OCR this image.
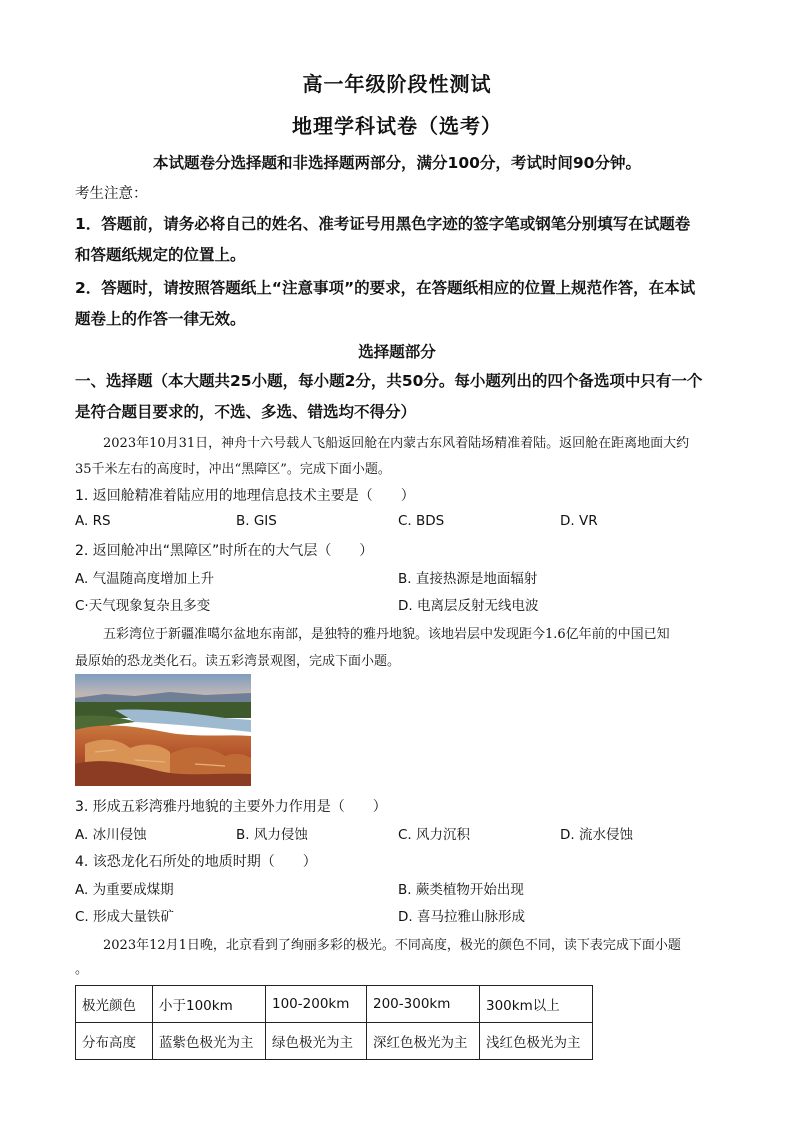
高一年级阶段性测试
地理学科试卷（选考）
本试题卷分选择题和非选择题两部分，满分100分，考试时间90分钟。
考生注意：
1．答题前，请务必将自己的姓名、准考证号用黑色字迹的签字笔或钢笔分别填写在试题卷
和答题纸规定的位置上。
2．答题时，请按照答题纸上“注意事项”的要求，在答题纸相应的位置上规范作答，在本试
题卷上的作答一律无效。
选择题部分
一、选择题（本大题共25小题，每小题2分，共50分。每小题列出的四个备选项中只有一个
是符合题目要求的，不选、多选、错选均不得分）
2023年10月31日，神舟十六号载人飞船返回舱在内蒙古东风着陆场精准着陆。返回舱在距离地面大约
35千米左右的高度时，冲出“黑障区”。完成下面小题。
1. 返回舱精准着陆应用的地理信息技术主要是（　　）
A. RS	B. GIS	C. BDS	D. VR
2. 返回舱冲出“黑障区”时所在的大气层（　　）
A. 气温随高度增加上升	B. 直接热源是地面辐射
C·天气现象复杂且多变	D. 电离层反射无线电波
五彩湾位于新疆准噶尔盆地东南部，是独特的雅丹地貌。该地岩层中发现距今1.6亿年前的中国已知
最原始的恐龙类化石。读五彩湾景观图，完成下面小题。
3. 形成五彩湾雅丹地貌的主要外力作用是（　　）
A. 冰川侵蚀	B. 风力侵蚀	C. 风力沉积	D. 流水侵蚀
4. 该恐龙化石所处的地质时期（　　）
A. 为重要成煤期	B. 蕨类植物开始出现
C. 形成大量铁矿	D. 喜马拉雅山脉形成
2023年12月1日晚，北京看到了绚丽多彩的极光。不同高度，极光的颜色不同，读下表完成下面小题
。
极光颜色	小于100km	100-200km	200-300km	300km以上
分布高度	蓝紫色极光为主	绿色极光为主	深红色极光为主	浅红色极光为主
